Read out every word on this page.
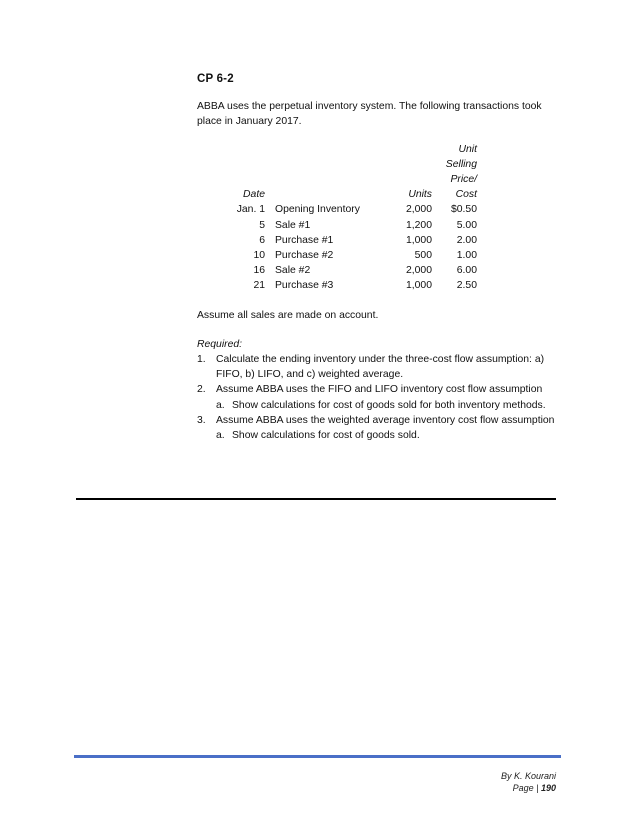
CP 6-2

ABBA uses the perpetual inventory system. The following transactions took place in January 2017.

Date		Units	Unit
Selling
Price/
Cost

Jan. 1	Opening Inventory	2,000	$0.50
5	Sale #1	1,200	5.00
6	Purchase #1	1,000	2.00
10	Purchase #2	500	1.00
16	Sale #2	2,000	6.00
21	Purchase #3	1,000	2.50

Assume all sales are made on account.

Required:

1. Calculate the ending inventory under the three-cost flow assumption: a) FIFO, b) LIFO, and c) weighted average.
2. Assume ABBA uses the FIFO and LIFO inventory cost flow assumption
a. Show calculations for cost of goods sold for both inventory methods.
3. Assume ABBA uses the weighted average inventory cost flow assumption
a. Show calculations for cost of goods sold.
By K. Kourani
Page | 190
